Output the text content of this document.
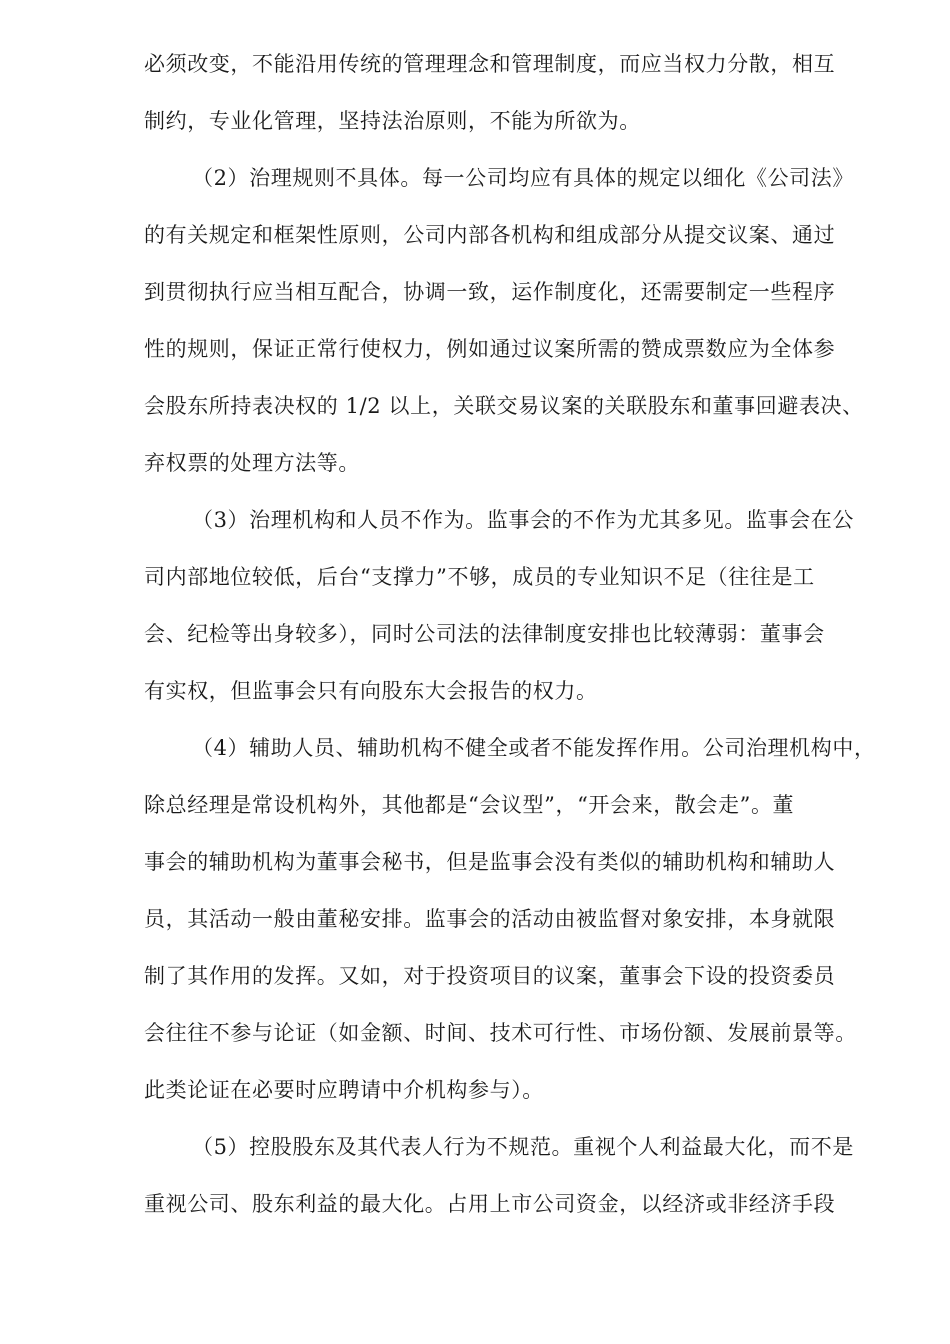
必须改变，不能沿用传统的管理理念和管理制度，而应当权力分散，相互
制约，专业化管理，坚持法治原则，不能为所欲为。
（2）治理规则不具体。每一公司均应有具体的规定以细化《公司法》
的有关规定和框架性原则，公司内部各机构和组成部分从提交议案、通过
到贯彻执行应当相互配合，协调一致，运作制度化，还需要制定一些程序
性的规则，保证正常行使权力，例如通过议案所需的赞成票数应为全体参
会股东所持表决权的 1/2 以上，关联交易议案的关联股东和董事回避表决、
弃权票的处理方法等。
（3）治理机构和人员不作为。监事会的不作为尤其多见。监事会在公
司内部地位较低，后台“支撑力”不够，成员的专业知识不足（往往是工
会、纪检等出身较多），同时公司法的法律制度安排也比较薄弱：董事会
有实权，但监事会只有向股东大会报告的权力。
（4）辅助人员、辅助机构不健全或者不能发挥作用。公司治理机构中，
除总经理是常设机构外，其他都是“会议型”，“开会来，散会走”。董
事会的辅助机构为董事会秘书，但是监事会没有类似的辅助机构和辅助人
员，其活动一般由董秘安排。监事会的活动由被监督对象安排，本身就限
制了其作用的发挥。又如，对于投资项目的议案，董事会下设的投资委员
会往往不参与论证（如金额、时间、技术可行性、市场份额、发展前景等。
此类论证在必要时应聘请中介机构参与）。
（5）控股股东及其代表人行为不规范。重视个人利益最大化，而不是
重视公司、股东利益的最大化。占用上市公司资金，以经济或非经济手段
